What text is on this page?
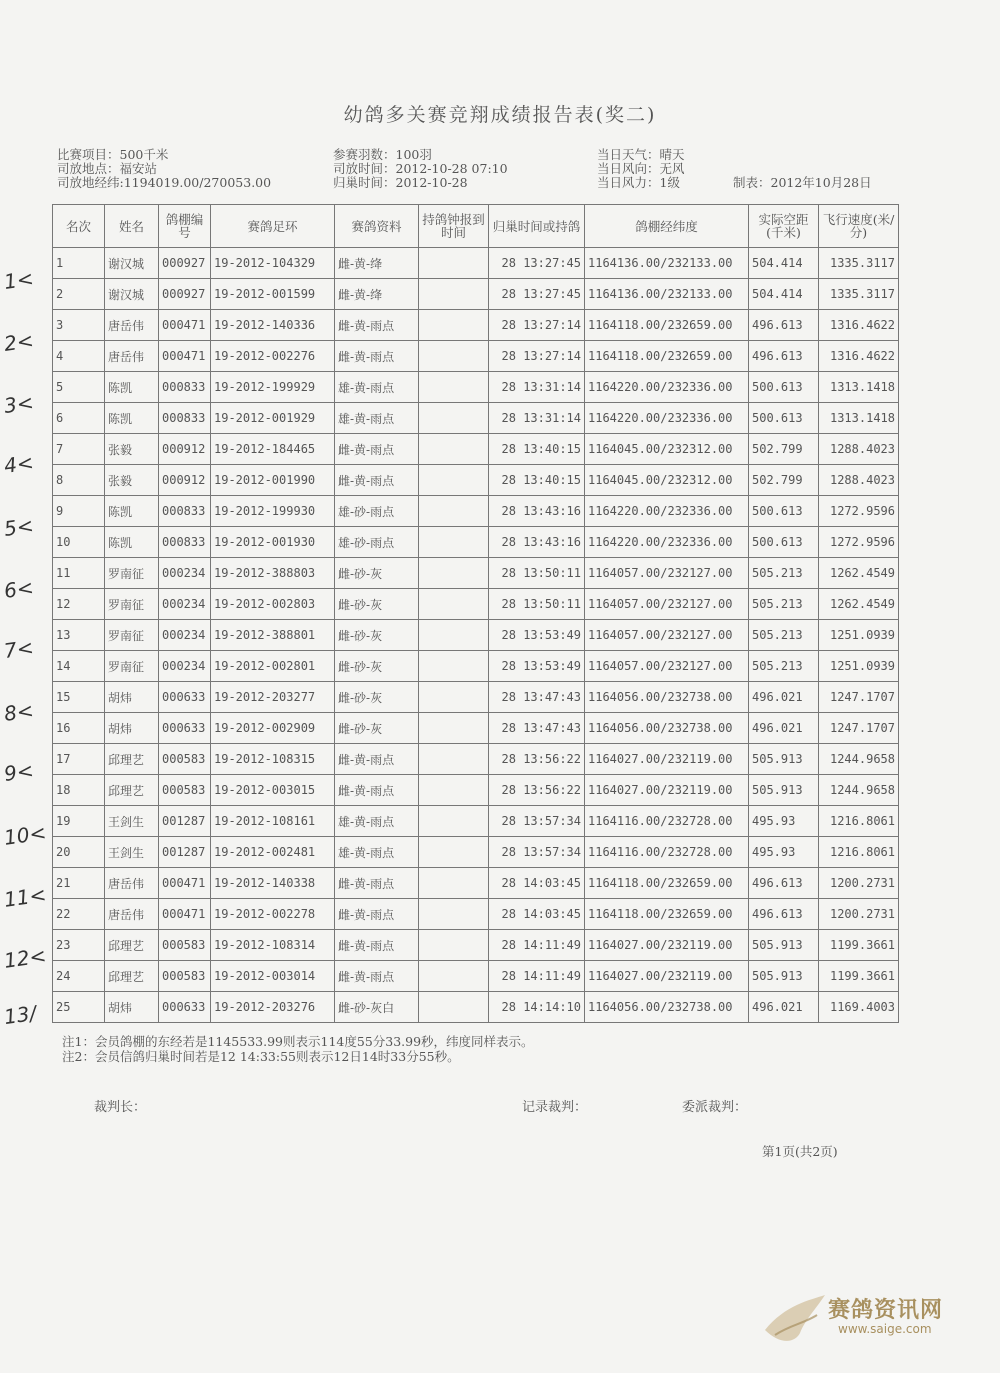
幼鸽多关赛竞翔成绩报告表(奖二)
比赛项目：500千米
司放地点：福安站
司放地经纬:1194019.00/270053.00
参赛羽数：100羽
司放时间：2012-10-28 07:10
归巢时间：2012-10-28
当日天气：晴天
当日风向：无风
当日风力：1级	制表：2012年10月28日
名次	姓名	鸽棚编号	赛鸽足环	赛鸽资料	持鸽钟报到时间	归巢时间或持鸽	鸽棚经纬度	实际空距(千米)	飞行速度(米/分)
1	谢汉城	000927	19-2012-104329	雌-黄-绛		28 13:27:45	1164136.00/232133.00	504.414	1335.3117
2	谢汉城	000927	19-2012-001599	雌-黄-绛		28 13:27:45	1164136.00/232133.00	504.414	1335.3117
3	唐岳伟	000471	19-2012-140336	雌-黄-雨点		28 13:27:14	1164118.00/232659.00	496.613	1316.4622
4	唐岳伟	000471	19-2012-002276	雌-黄-雨点		28 13:27:14	1164118.00/232659.00	496.613	1316.4622
5	陈凯	000833	19-2012-199929	雄-黄-雨点		28 13:31:14	1164220.00/232336.00	500.613	1313.1418
6	陈凯	000833	19-2012-001929	雄-黄-雨点		28 13:31:14	1164220.00/232336.00	500.613	1313.1418
7	张毅	000912	19-2012-184465	雌-黄-雨点		28 13:40:15	1164045.00/232312.00	502.799	1288.4023
8	张毅	000912	19-2012-001990	雌-黄-雨点		28 13:40:15	1164045.00/232312.00	502.799	1288.4023
9	陈凯	000833	19-2012-199930	雄-砂-雨点		28 13:43:16	1164220.00/232336.00	500.613	1272.9596
10	陈凯	000833	19-2012-001930	雄-砂-雨点		28 13:43:16	1164220.00/232336.00	500.613	1272.9596
11	罗南征	000234	19-2012-388803	雌-砂-灰		28 13:50:11	1164057.00/232127.00	505.213	1262.4549
12	罗南征	000234	19-2012-002803	雌-砂-灰		28 13:50:11	1164057.00/232127.00	505.213	1262.4549
13	罗南征	000234	19-2012-388801	雌-砂-灰		28 13:53:49	1164057.00/232127.00	505.213	1251.0939
14	罗南征	000234	19-2012-002801	雌-砂-灰		28 13:53:49	1164057.00/232127.00	505.213	1251.0939
15	胡炜	000633	19-2012-203277	雌-砂-灰		28 13:47:43	1164056.00/232738.00	496.021	1247.1707
16	胡炜	000633	19-2012-002909	雌-砂-灰		28 13:47:43	1164056.00/232738.00	496.021	1247.1707
17	邱理艺	000583	19-2012-108315	雌-黄-雨点		28 13:56:22	1164027.00/232119.00	505.913	1244.9658
18	邱理艺	000583	19-2012-003015	雌-黄-雨点		28 13:56:22	1164027.00/232119.00	505.913	1244.9658
19	王剑生	001287	19-2012-108161	雄-黄-雨点		28 13:57:34	1164116.00/232728.00	495.93	1216.8061
20	王剑生	001287	19-2012-002481	雄-黄-雨点		28 13:57:34	1164116.00/232728.00	495.93	1216.8061
21	唐岳伟	000471	19-2012-140338	雌-黄-雨点		28 14:03:45	1164118.00/232659.00	496.613	1200.2731
22	唐岳伟	000471	19-2012-002278	雌-黄-雨点		28 14:03:45	1164118.00/232659.00	496.613	1200.2731
23	邱理艺	000583	19-2012-108314	雌-黄-雨点		28 14:11:49	1164027.00/232119.00	505.913	1199.3661
24	邱理艺	000583	19-2012-003014	雌-黄-雨点		28 14:11:49	1164027.00/232119.00	505.913	1199.3661
25	胡炜	000633	19-2012-203276	雌-砂-灰白		28 14:14:10	1164056.00/232738.00	496.021	1169.4003
注1：会员鸽棚的东经若是1145533.99则表示114度55分33.99秒，纬度同样表示。
注2：会员信鸽归巢时间若是12 14:33:55则表示12日14时33分55秒。
裁判长：	记录裁判：	委派裁判：
第1页(共2页)
1<
2<
3<
4<
5<
6<
7<
8<
9<
10<
11<
12<
13/
赛鸽资讯网
www.saige.com
